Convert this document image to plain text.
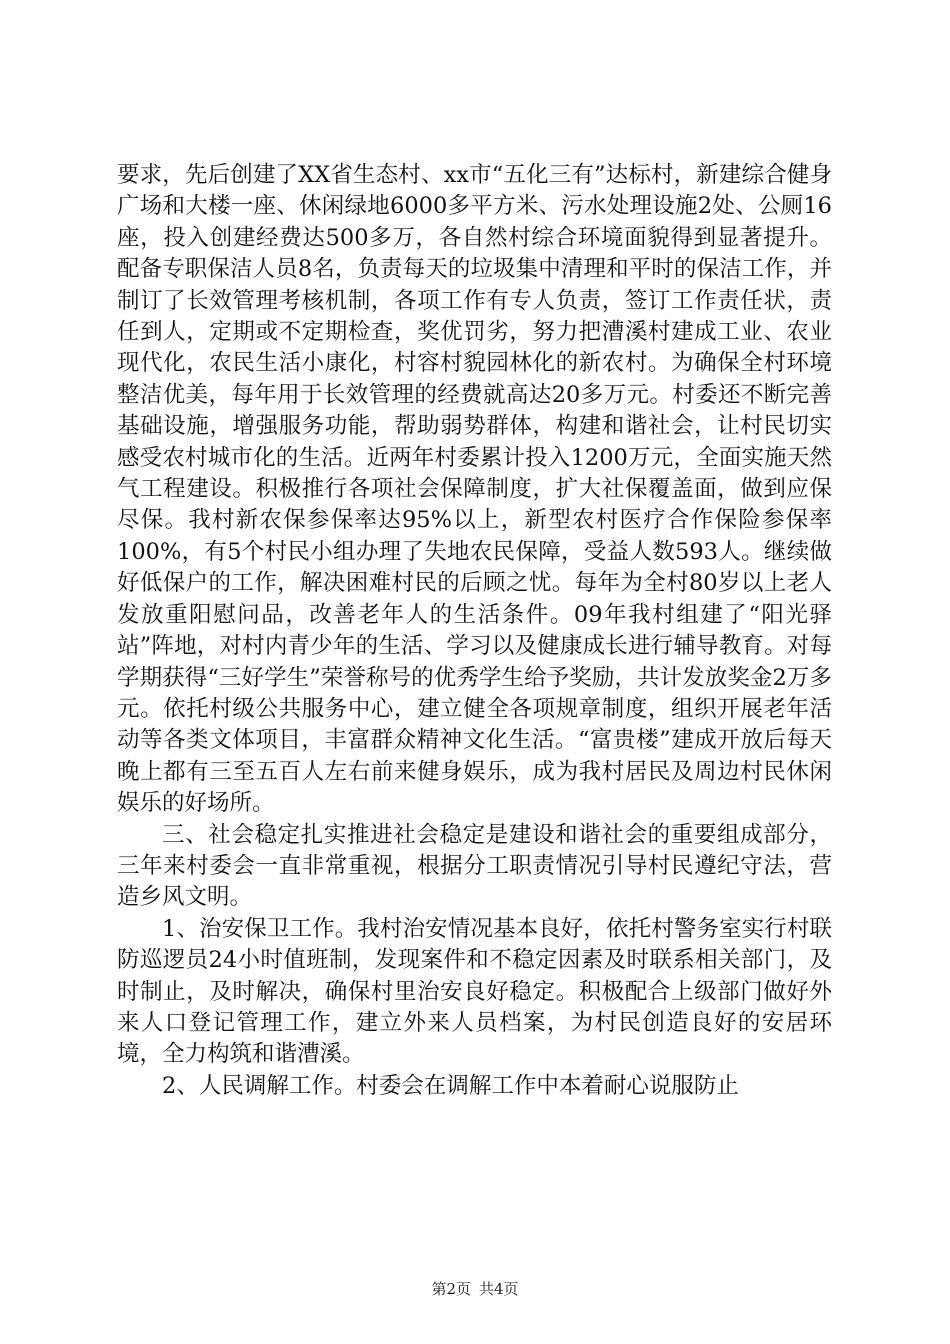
要求，先后创建了XX省生态村、xx市“五化三有”达标村，新建综合健身广场和大楼一座、休闲绿地6000多平方米、污水处理设施2处、公厕16座，投入创建经费达500多万，各自然村综合环境面貌得到显著提升。配备专职保洁人员8名，负责每天的垃圾集中清理和平时的保洁工作，并制订了长效管理考核机制，各项工作有专人负责，签订工作责任状，责任到人，定期或不定期检查，奖优罚劣，努力把漕溪村建成工业、农业现代化，农民生活小康化，村容村貌园林化的新农村。为确保全村环境整洁优美，每年用于长效管理的经费就高达20多万元。村委还不断完善基础设施，增强服务功能，帮助弱势群体，构建和谐社会，让村民切实感受农村城市化的生活。近两年村委累计投入1200万元，全面实施天然气工程建设。积极推行各项社会保障制度，扩大社保覆盖面，做到应保尽保。我村新农保参保率达95%以上，新型农村医疗合作保险参保率100%，有5个村民小组办理了失地农民保障，受益人数593人。继续做好低保户的工作，解决困难村民的后顾之忧。每年为全村80岁以上老人发放重阳慰问品，改善老年人的生活条件。09年我村组建了“阳光驿站”阵地，对村内青少年的生活、学习以及健康成长进行辅导教育。对每学期获得“三好学生”荣誉称号的优秀学生给予奖励，共计发放奖金2万多元。依托村级公共服务中心，建立健全各项规章制度，组织开展老年活动等各类文体项目，丰富群众精神文化生活。“富贵楼”建成开放后每天晚上都有三至五百人左右前来健身娱乐，成为我村居民及周边村民休闲娱乐的好场所。

三、社会稳定扎实推进社会稳定是建设和谐社会的重要组成部分，三年来村委会一直非常重视，根据分工职责情况引导村民遵纪守法，营造乡风文明。

1、治安保卫工作。我村治安情况基本良好，依托村警务室实行村联防巡逻员24小时值班制，发现案件和不稳定因素及时联系相关部门，及时制止，及时解决，确保村里治安良好稳定。积极配合上级部门做好外来人口登记管理工作，建立外来人员档案，为村民创造良好的安居环境，全力构筑和谐漕溪。

2、人民调解工作。村委会在调解工作中本着耐心说服防止

第2页 共4页
